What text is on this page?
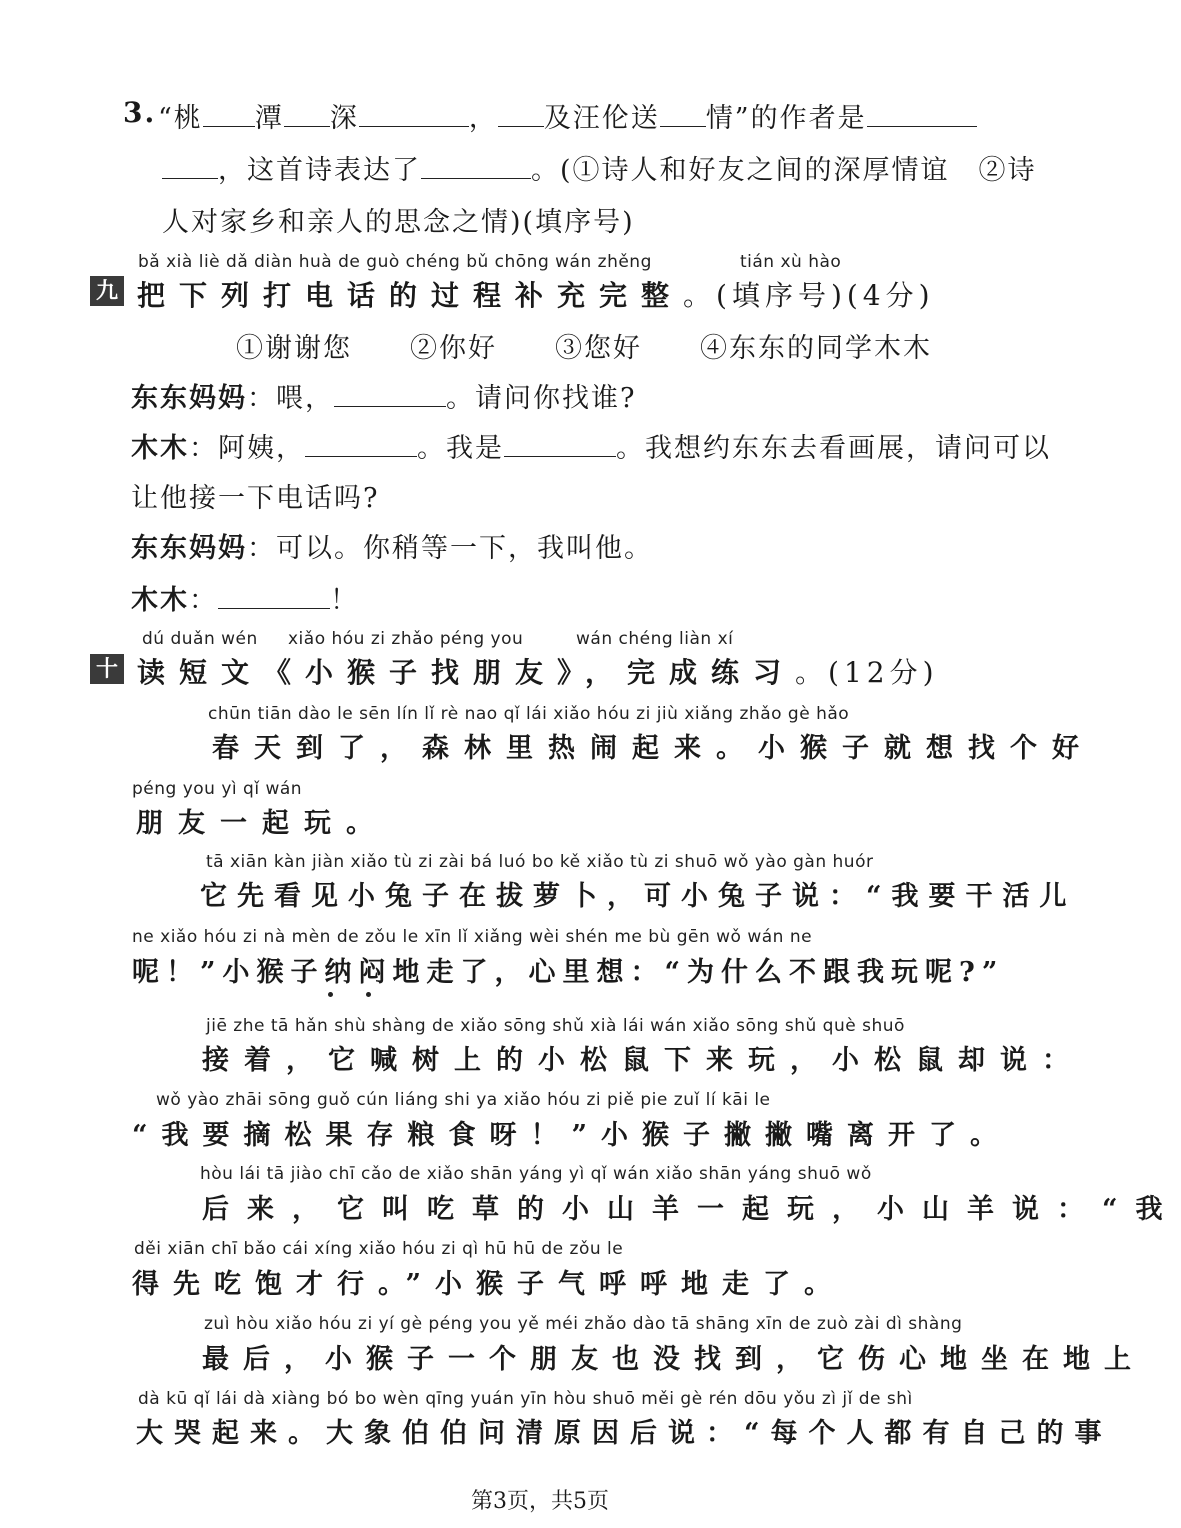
3. “桃 潭 深	， 及汪伦送 情”的作者是
，这首诗表达了	。(①诗人和好友之间的深厚情谊　②诗
人对家乡和亲人的思念之情)(填序号)
bǎ xià liè dǎ diàn huà de guò chéng bǔ chōng wán zhěng	tián xù hào
九 把下列打电话的过程补充完整。(填序号)(4分)
①谢谢您 ②你好 ③您好 ④东东的同学木木
东东妈妈：喂，	。请问你找谁?
木木：阿姨，	。我是	。我想约东东去看画展，请问可以
让他接一下电话吗?
东东妈妈：可以。你稍等一下，我叫他。
木木：	！
dú duǎn wén xiǎo hóu zi zhǎo péng you	wán chéng liàn xí
十 读短文《小猴子找朋友》，完成练习。(12分)
chūn tiān dào le sēn lín lǐ rè nao qǐ lái xiǎo hóu zi jiù xiǎng zhǎo gè hǎo
春天到了，森林里热闹起来。小猴子就想找个好
péng you yì qǐ wán
朋友一起玩。
tā xiān kàn jiàn xiǎo tù zi zài bá luó bo kě xiǎo tù zi shuō wǒ yào gàn huór
它先看见小兔子在拔萝卜，可小兔子说：“我要干活儿
ne xiǎo hóu zi nà mèn de zǒu le xīn lǐ xiǎng wèi shén me bù gēn wǒ wán ne
呢！”小猴子纳闷地走了，心里想：“为什么不跟我玩呢?”
jiē zhe tā hǎn shù shàng de xiǎo sōng shǔ xià lái wán xiǎo sōng shǔ què shuō
接着，它喊树上的小松鼠下来玩，小松鼠却说：
wǒ yào zhāi sōng guǒ cún liáng shi ya xiǎo hóu zi piě pie zuǐ lí kāi le
“我要摘松果存粮食呀！”小猴子撇撇嘴离开了。
hòu lái tā jiào chī cǎo de xiǎo shān yáng yì qǐ wán xiǎo shān yáng shuō wǒ
后来，它叫吃草的小山羊一起玩，小山羊说：“我
děi xiān chī bǎo cái xíng xiǎo hóu zi qì hū hū de zǒu le
得先吃饱才行。”小猴子气呼呼地走了。
zuì hòu xiǎo hóu zi yí gè péng you yě méi zhǎo dào tā shāng xīn de zuò zài dì shàng
最后，小猴子一个朋友也没找到，它伤心地坐在地上
dà kū qǐ lái dà xiàng bó bo wèn qīng yuán yīn hòu shuō měi gè rén dōu yǒu zì jǐ de shì
大哭起来。大象伯伯问清原因后说：“每个人都有自己的事
第3页，共5页
